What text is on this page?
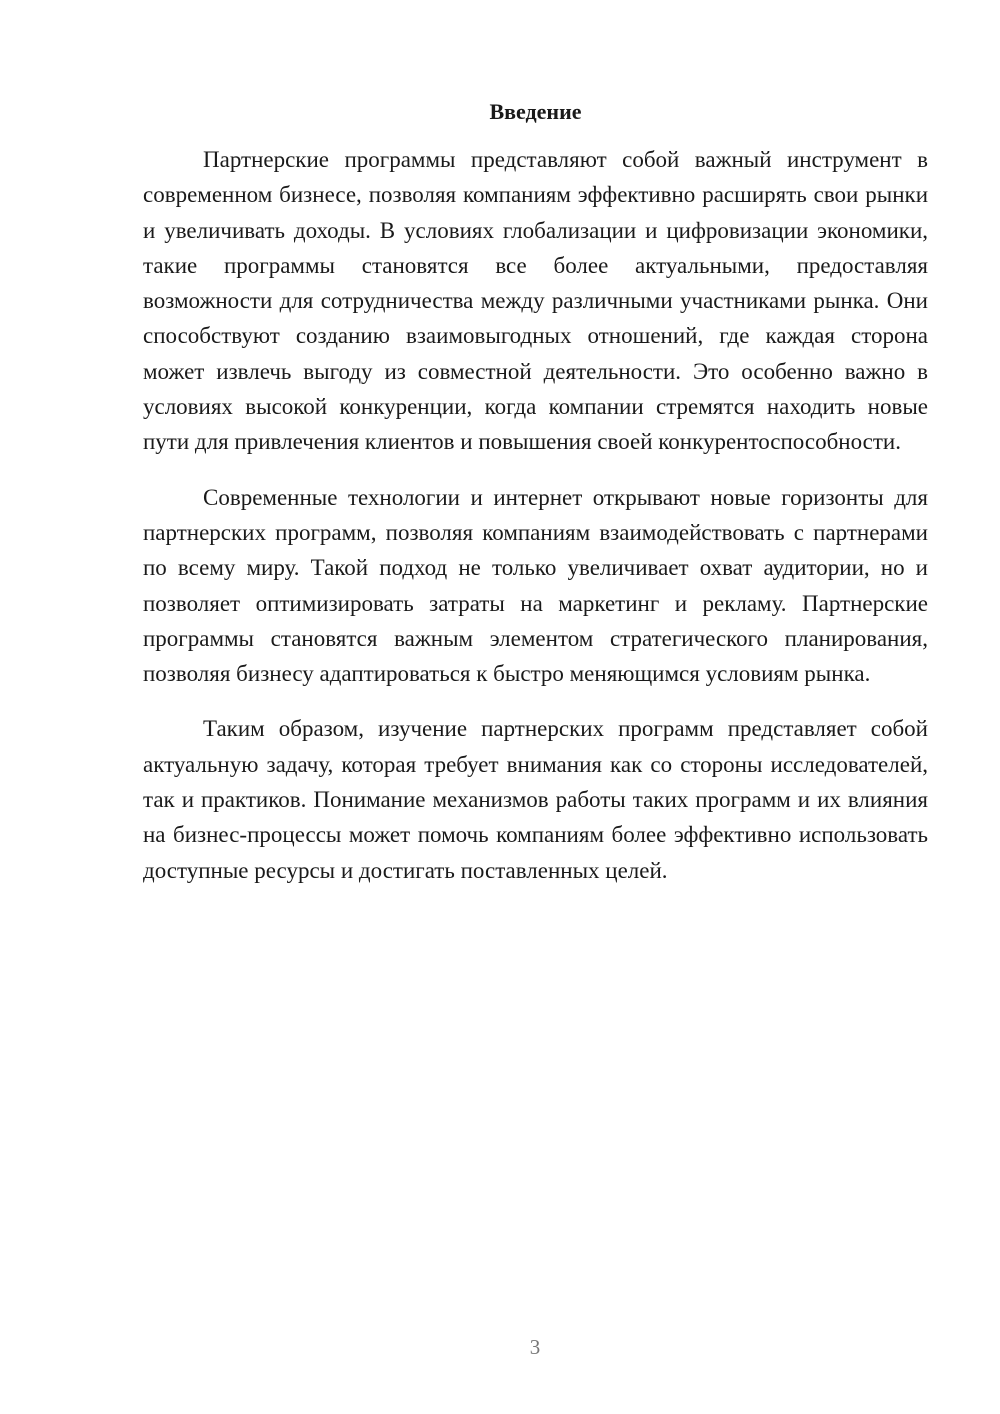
Введение

Партнерские программы представляют собой важный инструмент в современном бизнесе, позволяя компаниям эффективно расширять свои рынки и увеличивать доходы. В условиях глобализации и цифровизации экономики, такие программы становятся все более актуальными, предоставляя возможности для сотрудничества между различными участниками рынка. Они способствуют созданию взаимовыгодных отношений, где каждая сторона может извлечь выгоду из совместной деятельности. Это особенно важно в условиях высокой конкуренции, когда компании стремятся находить новые пути для привлечения клиентов и повышения своей конкурентоспособности.

Современные технологии и интернет открывают новые горизонты для партнерских программ, позволяя компаниям взаимодействовать с партнерами по всему миру. Такой подход не только увеличивает охват аудитории, но и позволяет оптимизировать затраты на маркетинг и рекламу. Партнерские программы становятся важным элементом стратегического планирования, позволяя бизнесу адаптироваться к быстро меняющимся условиям рынка.

Таким образом, изучение партнерских программ представляет собой актуальную задачу, которая требует внимания как со стороны исследователей, так и практиков. Понимание механизмов работы таких программ и их влияния на бизнес-процессы может помочь компаниям более эффективно использовать доступные ресурсы и достигать поставленных целей.

3
